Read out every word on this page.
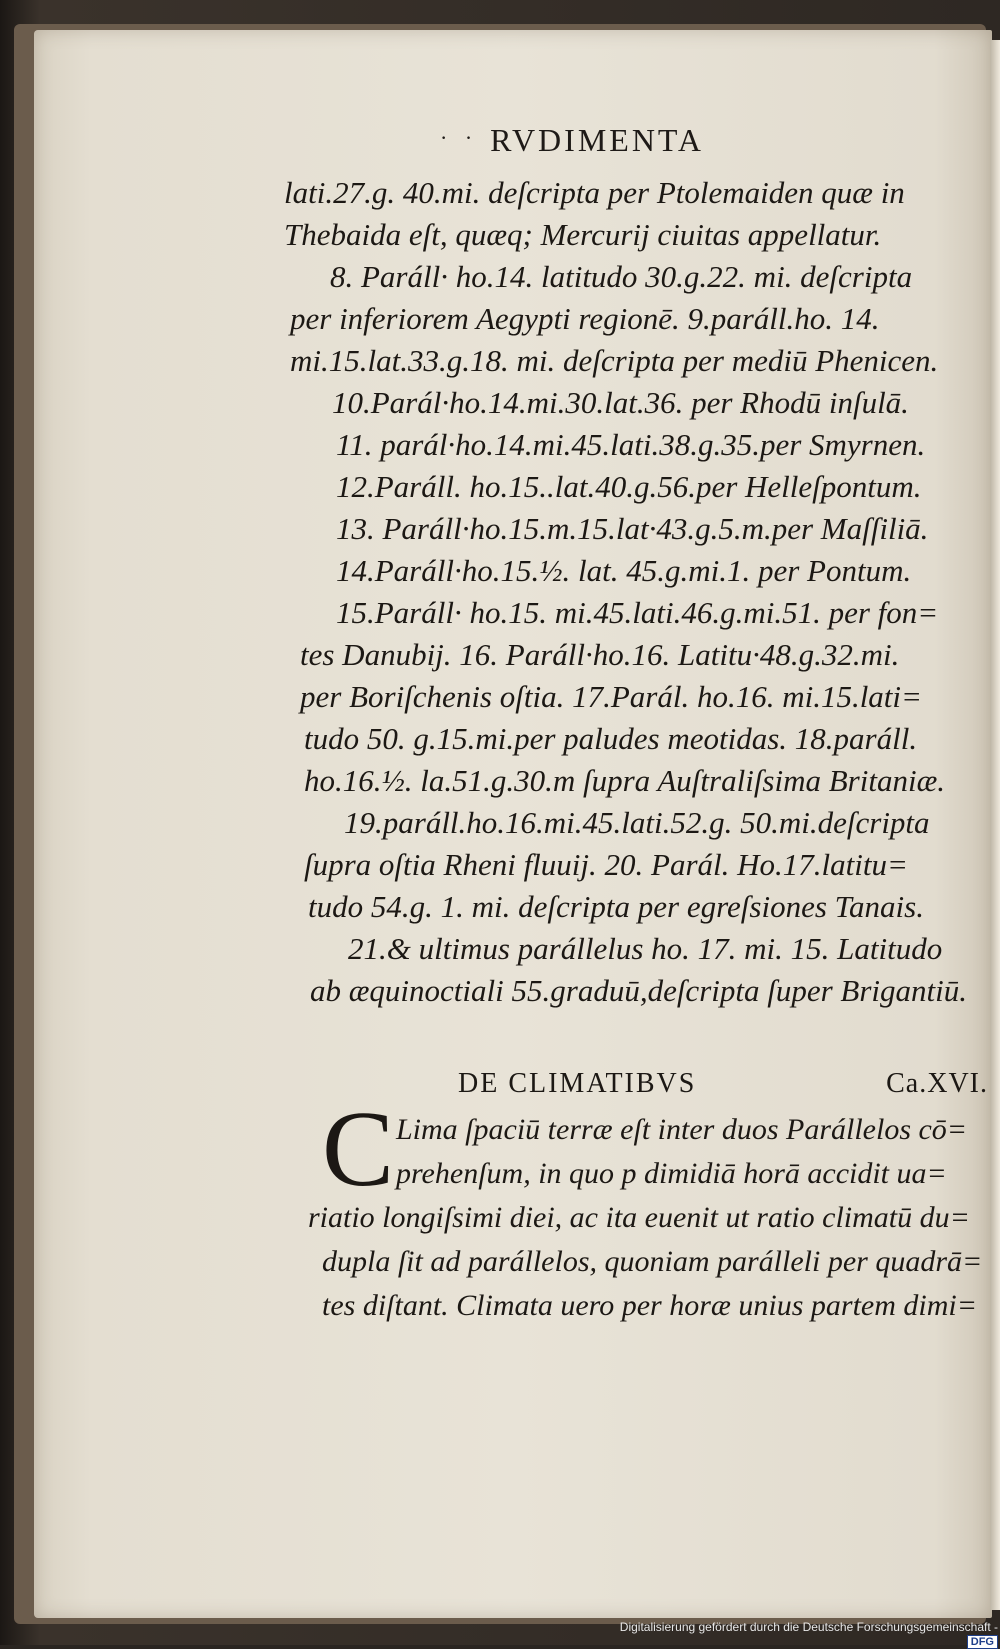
· · RVDIMENTA
lati.27.g. 40.mi. deſcripta per Ptolemaiden quæ in
Thebaida eſt, quæq; Mercurij ciuitas appellatur.
8. Paráll· ho.14. latitudo 30.g.22. mi. deſcripta
per inferiorem Aegypti regionē. 9.paráll.ho. 14.
mi.15.lat.33.g.18. mi. deſcripta per mediū Phenicen.
10.Parál·ho.14.mi.30.lat.36. per Rhodū inſulā.
11. parál·ho.14.mi.45.lati.38.g.35.per Smyrnen.
12.Paráll. ho.15..lat.40.g.56.per Helleſpontum.
13. Paráll·ho.15.m.15.lat·43.g.5.m.per Maſſiliā.
14.Paráll·ho.15.½. lat. 45.g.mi.1. per Pontum.
15.Paráll· ho.15. mi.45.lati.46.g.mi.51. per fon=
tes Danubij. 16. Paráll·ho.16. Latitu·48.g.32.mi.
per Boriſchenis oſtia. 17.Parál. ho.16. mi.15.lati=
tudo 50. g.15.mi.per paludes meotidas. 18.paráll.
ho.16.½. la.51.g.30.m ſupra Auſtraliſsima Britaniæ.
19.paráll.ho.16.mi.45.lati.52.g. 50.mi.deſcripta
ſupra oſtia Rheni fluuij. 20. Parál. Ho.17.latitu=
tudo 54.g. 1. mi. deſcripta per egreſsiones Tanais.
21.& ultimus parállelus ho. 17. mi. 15. Latitudo
ab æquinoctiali 55.graduū,deſcripta ſuper Brigantiū.
DE CLIMATIBVS	Ca.XVI.
C Lima ſpaciū terræ eſt inter duos Parállelos cō=
prehenſum, in quo p dimidiā horā accidit ua=
riatio longiſsimi diei, ac ita euenit ut ratio climatū du=
dupla ſit ad parállelos, quoniam parálleli per quadrā=
tes diſtant. Climata uero per horæ unius partem dimi=
Digitalisierung gefördert durch die Deutsche Forschungsgemeinschaft -DFG
